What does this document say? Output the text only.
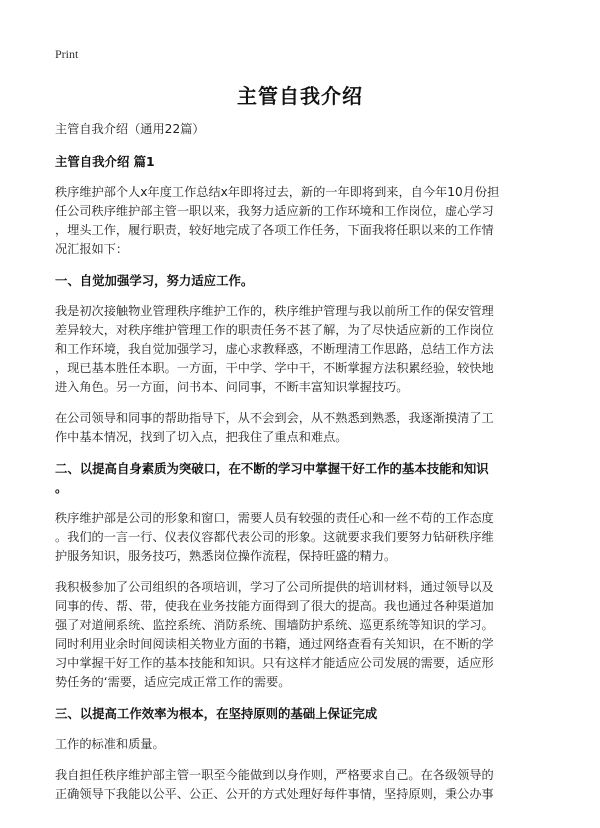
Print
主管自我介绍

主管自我介绍（通用22篇）

主管自我介绍 篇1

秩序维护部个人x年度工作总结x年即将过去，新的一年即将到来，自今年10月份担

任公司秩序维护部主管一职以来，我努力适应新的工作环境和工作岗位，虚心学习

，埋头工作，履行职责，较好地完成了各项工作任务，下面我将任职以来的工作情

况汇报如下：

一、自觉加强学习，努力适应工作。

我是初次接触物业管理秩序维护工作的，秩序维护管理与我以前所工作的保安管理

差异较大，对秩序维护管理工作的职责任务不甚了解，为了尽快适应新的工作岗位

和工作环境，我自觉加强学习，虚心求教释惑，不断理清工作思路，总结工作方法

，现已基本胜任本职。一方面，干中学、学中干，不断掌握方法积累经验，较快地

进入角色。另一方面，问书本、问同事，不断丰富知识掌握技巧。

在公司领导和同事的帮助指导下，从不会到会，从不熟悉到熟悉，我逐渐摸清了工

作中基本情况，找到了切入点，把我住了重点和难点。

二、以提高自身素质为突破口，在不断的学习中掌握干好工作的基本技能和知识

。

秩序维护部是公司的形象和窗口，需要人员有较强的责任心和一丝不苟的工作态度

。我们的一言一行、仪表仪容都代表公司的形象。这就要求我们要努力钻研秩序维

护服务知识，服务技巧，熟悉岗位操作流程，保持旺盛的精力。

我积极参加了公司组织的各项培训，学习了公司所提供的培训材料，通过领导以及

同事的传、帮、带，使我在业务技能方面得到了很大的提高。我也通过各种渠道加

强了对道闸系统、监控系统、消防系统、围墙防护系统、巡更系统等知识的学习。

同时利用业余时间阅读相关物业方面的书籍，通过网络查看有关知识，在不断的学

习中掌握干好工作的基本技能和知识。只有这样才能适应公司发展的需要，适应形

势任务的‘需要，适应完成正常工作的需要。

三、以提高工作效率为根本，在坚持原则的基础上保证完成

工作的标准和质量。

我自担任秩序维护部主管一职至今能做到以身作则，严格要求自己。在各级领导的

正确领导下我能以公平、公正、公开的方式处理好每件事情，坚持原则，秉公办事
